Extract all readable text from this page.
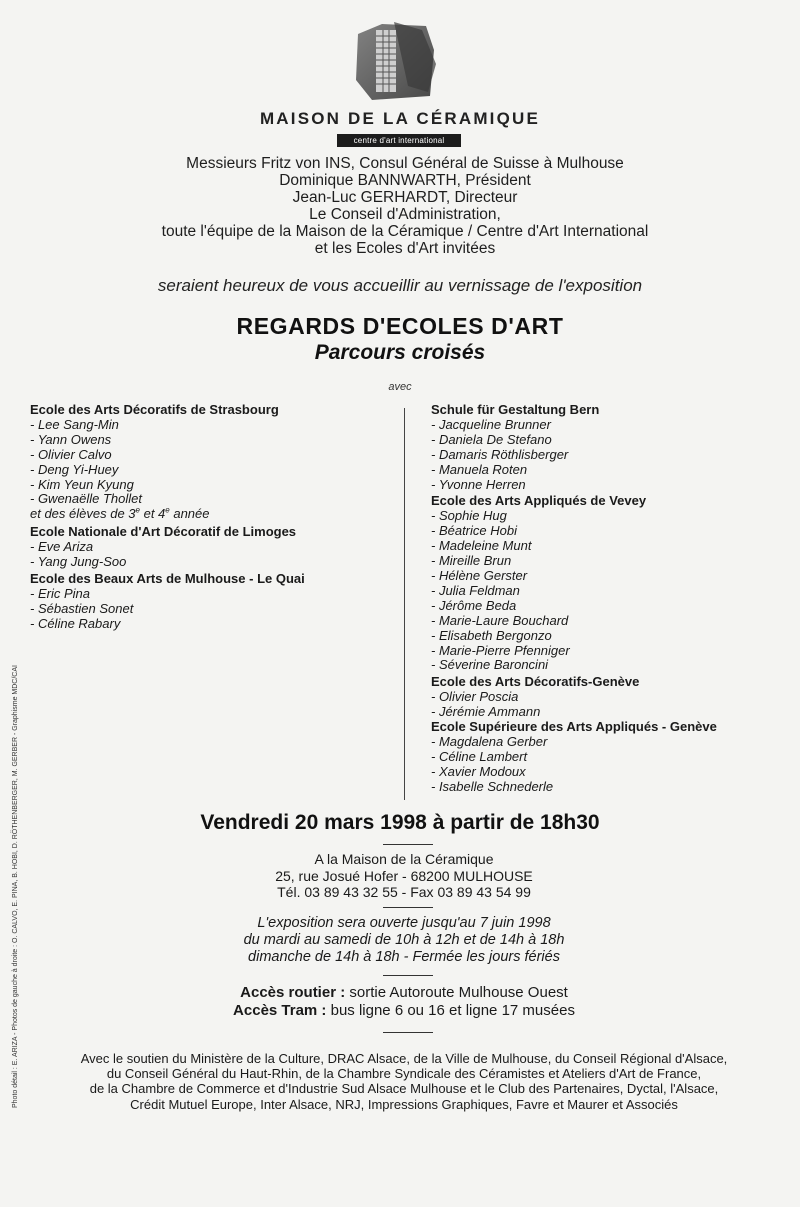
MAISON DE LA CÉRAMIQUE
centre d'art international
Messieurs Fritz von INS, Consul Général de Suisse à Mulhouse
Dominique BANNWARTH, Président
Jean-Luc GERHARDT, Directeur
Le Conseil d'Administration,
toute l'équipe de la Maison de la Céramique / Centre d'Art International
et les Ecoles d'Art invitées
seraient heureux de vous accueillir au vernissage de l'exposition
REGARDS D'ECOLES D'ART
Parcours croisés
avec
Ecole des Arts Décoratifs de Strasbourg
- Lee Sang-Min
- Yann Owens
- Olivier Calvo
- Deng Yi-Huey
- Kim Yeun Kyung
- Gwenaëlle Thollet
et des élèves de 3e et 4e année
Ecole Nationale d'Art Décoratif de Limoges
- Eve Ariza
- Yang Jung-Soo
Ecole des Beaux Arts de Mulhouse - Le Quai
- Eric Pina
- Sébastien Sonet
- Céline Rabary
Schule für Gestaltung Bern
- Jacqueline Brunner
- Daniela De Stefano
- Damaris Röthlisberger
- Manuela Roten
- Yvonne Herren
Ecole des Arts Appliqués de Vevey
- Sophie Hug
- Béatrice Hobi
- Madeleine Munt
- Mireille Brun
- Hélène Gerster
- Julia Feldman
- Jérôme Beda
- Marie-Laure Bouchard
- Elisabeth Bergonzo
- Marie-Pierre Pfenniger
- Séverine Baroncini
Ecole des Arts Décoratifs-Genève
- Olivier Poscia
- Jérémie Ammann
Ecole Supérieure des Arts Appliqués - Genève
- Magdalena Gerber
- Céline Lambert
- Xavier Modoux
- Isabelle Schnederle
Photo détail : E. ARIZA - Photos de gauche à droite : O. CALVO, E. PINA, B. HOBI, D. RÖTHENBERGER, M. GERBER - Graphisme MDC/CAI	Vendredi 20 mars 1998 à partir de 18h30
A la Maison de la Céramique
25, rue Josué Hofer - 68200 MULHOUSE
Tél. 03 89 43 32 55 - Fax 03 89 43 54 99
L'exposition sera ouverte jusqu'au 7 juin 1998
du mardi au samedi de 10h à 12h et de 14h à 18h
dimanche de 14h à 18h - Fermée les jours fériés
Accès routier : sortie Autoroute Mulhouse Ouest
Accès Tram : bus ligne 6 ou 16 et ligne 17 musées
Avec le soutien du Ministère de la Culture, DRAC Alsace, de la Ville de Mulhouse, du Conseil Régional d'Alsace,
du Conseil Général du Haut-Rhin, de la Chambre Syndicale des Céramistes et Ateliers d'Art de France,
de la Chambre de Commerce et d'Industrie Sud Alsace Mulhouse et le Club des Partenaires, Dyctal, l'Alsace,
Crédit Mutuel Europe, Inter Alsace, NRJ, Impressions Graphiques, Favre et Maurer et Associés
